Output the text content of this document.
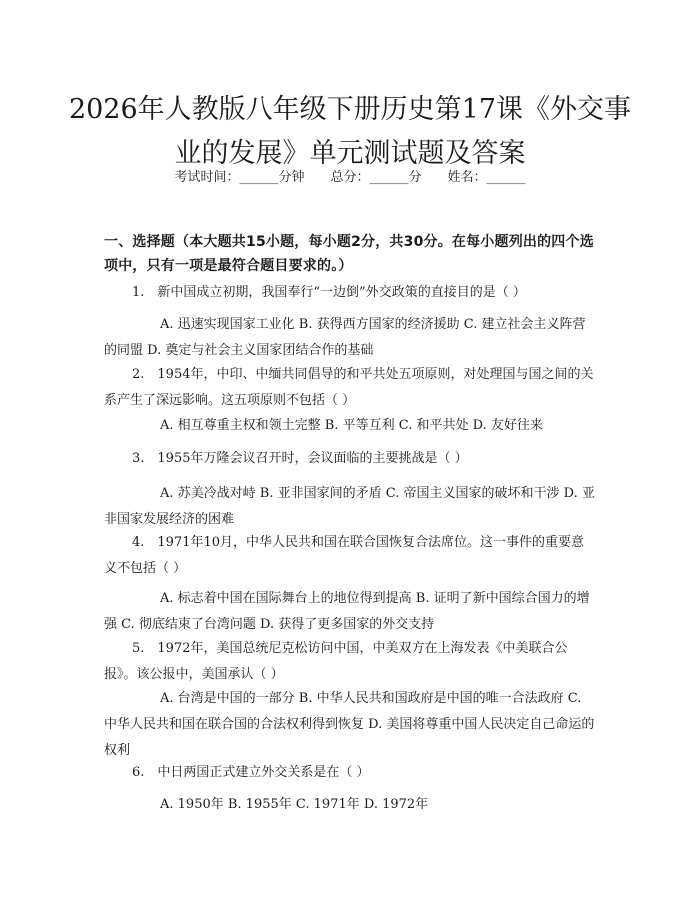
2026年人教版八年级下册历史第17课《外交事业的发展》单元测试题及答案
考试时间：______分钟 总分：______分 姓名：______
一、选择题（本大题共15小题，每小题2分，共30分。在每小题列出的四个选项中，只有一项是最符合题目要求的。）
1.　新中国成立初期，我国奉行“一边倒”外交政策的直接目的是（ ）
A. 迅速实现国家工业化 B. 获得西方国家的经济援助 C. 建立社会主义阵营的同盟 D. 奠定与社会主义国家团结合作的基础
2.　1954年，中印、中缅共同倡导的和平共处五项原则，对处理国与国之间的关系产生了深远影响。这五项原则不包括（ ）
A. 相互尊重主权和领土完整 B. 平等互利 C. 和平共处 D. 友好往来
3.　1955年万隆会议召开时，会议面临的主要挑战是（ ）
A. 苏美冷战对峙 B. 亚非国家间的矛盾 C. 帝国主义国家的破坏和干涉 D. 亚非国家发展经济的困难
4.　1971年10月，中华人民共和国在联合国恢复合法席位。这一事件的重要意义不包括（ ）
A. 标志着中国在国际舞台上的地位得到提高 B. 证明了新中国综合国力的增强 C. 彻底结束了台湾问题 D. 获得了更多国家的外交支持
5.　1972年，美国总统尼克松访问中国，中美双方在上海发表《中美联合公报》。该公报中，美国承认（ ）
A. 台湾是中国的一部分 B. 中华人民共和国政府是中国的唯一合法政府 C. 中华人民共和国在联合国的合法权利得到恢复 D. 美国将尊重中国人民决定自己命运的权利
6.　中日两国正式建立外交关系是在（ ）
A. 1950年 B. 1955年 C. 1971年 D. 1972年
